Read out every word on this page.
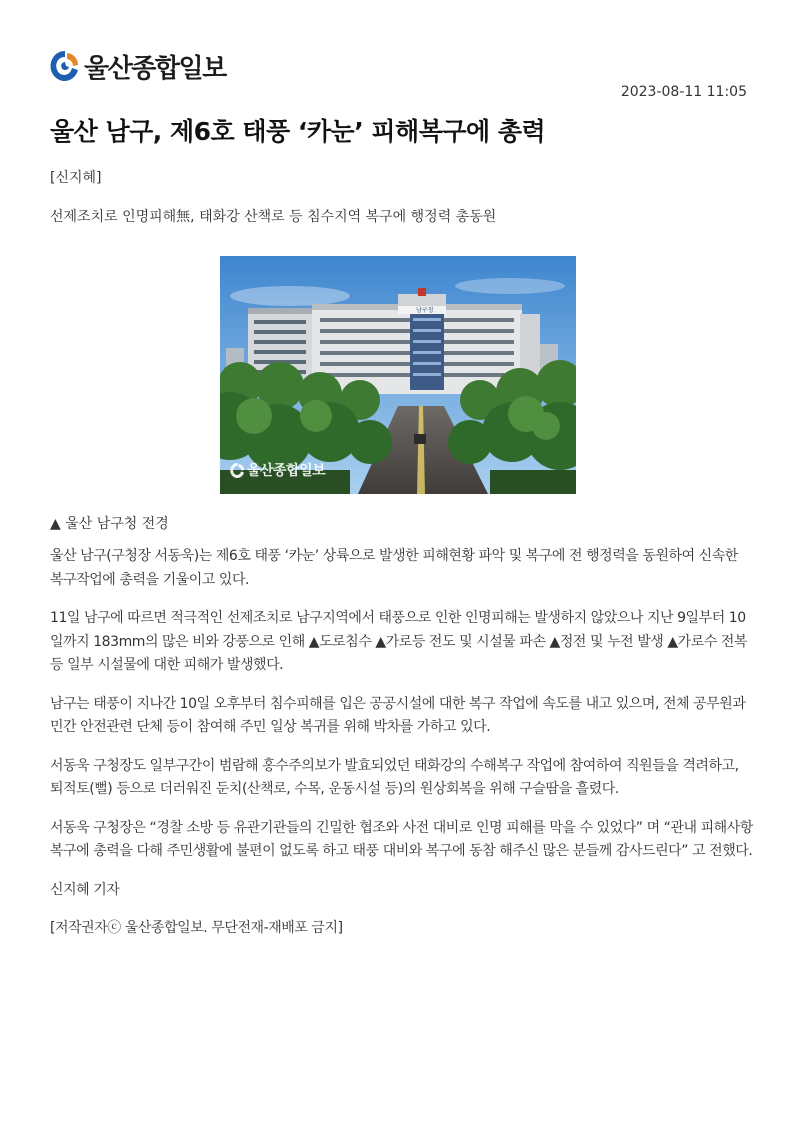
울산종합일보
2023-08-11 11:05
울산 남구, 제6호 태풍 ‘카눈’ 피해복구에 총력
[신지혜]
선제조치로 인명피해無, 태화강 산책로 등 침수지역 복구에 행정력 총동원
남구청
울산종합일보
▲ 울산 남구청 전경

울산 남구(구청장 서동욱)는 제6호 태풍 ‘카눈’ 상륙으로 발생한 피해현황 파악 및 복구에 전 행정력을 동원하여 신속한 복구작업에 총력을 기울이고 있다.

11일 남구에 따르면 적극적인 선제조치로 남구지역에서 태풍으로 인한 인명피해는 발생하지 않았으나 지난 9일부터 10일까지 183mm의 많은 비와 강풍으로 인해 ▲도로침수 ▲가로등 전도 및 시설물 파손 ▲정전 및 누전 발생 ▲가로수 전복 등 일부 시설물에 대한 피해가 발생했다.

남구는 태풍이 지나간 10일 오후부터 침수피해를 입은 공공시설에 대한 복구 작업에 속도를 내고 있으며, 전체 공무원과 민간 안전관련 단체 등이 참여해 주민 일상 복귀를 위해 박차를 가하고 있다.

서동욱 구청장도 일부구간이 범람해 홍수주의보가 발효되었던 태화강의 수해복구 작업에 참여하여 직원들을 격려하고, 퇴적토(뻘) 등으로 더러워진 둔치(산책로, 수목, 운동시설 등)의 원상회복을 위해 구슬땀을 흘렸다.

서동욱 구청장은 “경찰 소방 등 유관기관들의 긴밀한 협조와 사전 대비로 인명 피해를 막을 수 있었다” 며 “관내 피해사항 복구에 총력을 다해 주민생활에 불편이 없도록 하고 태풍 대비와 복구에 동참 해주신 많은 분들께 감사드린다” 고 전했다.

신지혜 기자

[저작권자ⓒ 울산종합일보. 무단전재-재배포 금지]
